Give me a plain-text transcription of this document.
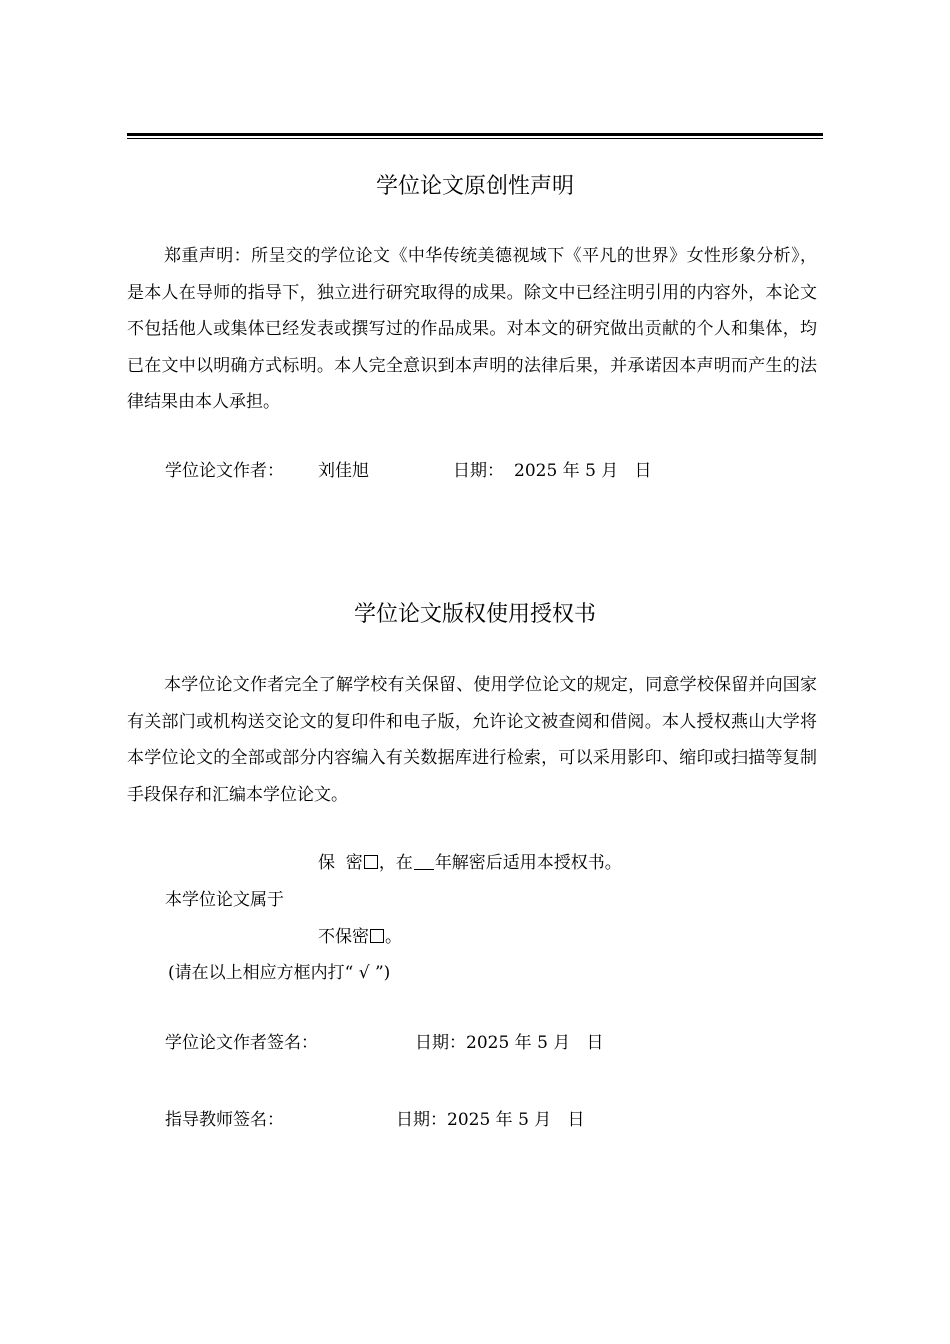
学位论文原创性声明
郑重声明：所呈交的学位论文《中华传统美德视域下《平凡的世界》女性形象分析》，是本人在导师的指导下，独立进行研究取得的成果。除文中已经注明引用的内容外，本论文不包括他人或集体已经发表或撰写过的作品成果。对本文的研究做出贡献的个人和集体，均已在文中以明确方式标明。本人完全意识到本声明的法律后果，并承诺因本声明而产生的法律结果由本人承担。
学位论文作者： 刘佳旭	日期： 2025 年 5 月   日
学位论文版权使用授权书
本学位论文作者完全了解学校有关保留、使用学位论文的规定，同意学校保留并向国家有关部门或机构送交论文的复印件和电子版，允许论文被查阅和借阅。本人授权燕山大学将本学位论文的全部或部分内容编入有关数据库进行检索，可以采用影印、缩印或扫描等复制手段保存和汇编本学位论文。
保  密 ，在 年解密后适用本授权书。
本学位论文属于
不保密 。
(请在以上相应方框内打“ √ ”)
学位论文作者签名：	日期：2025 年 5 月   日
指导教师签名：	日期：2025 年 5 月   日
